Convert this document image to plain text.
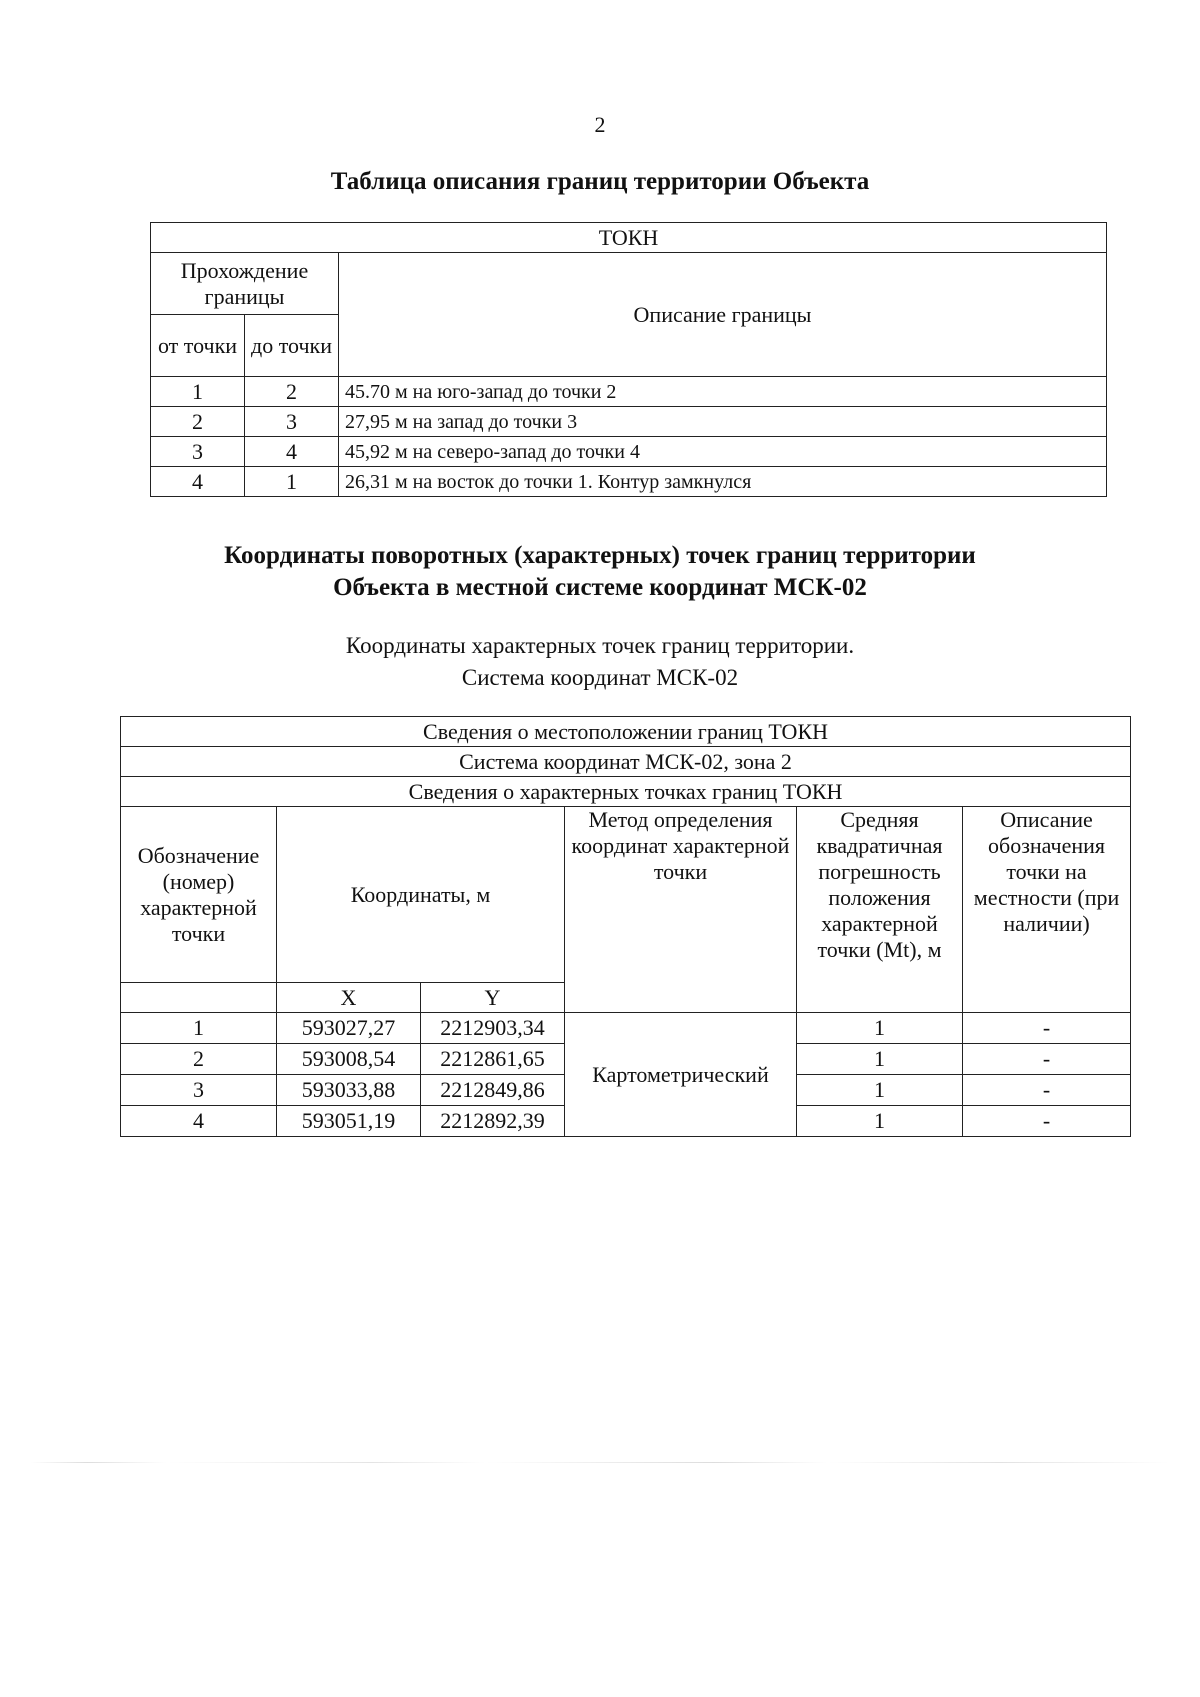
2
Таблица описания границ территории Объекта
ТОКН		
Прохождение границы		Описание границы
от точки	до точки	
1	2	45.70 м на юго-запад до точки 2
2	3	27,95 м на запад до точки 3
3	4	45,92 м на северо-запад до точки 4
4	1	26,31 м на восток до точки 1. Контур замкнулся
Координаты поворотных (характерных) точек границ территории
Объекта в местной системе координат МСК-02
Координаты характерных точек границ территории.
Система координат МСК-02
Сведения о местоположении границ ТОКН					
Система координат МСК-02, зона 2					
Сведения о характерных точках границ ТОКН					
Обозначение (номер) характерной точки	Координаты, м		Метод определения координат характерной точки	Средняя квадратичная погрешность положения характерной точки (Mt), м	Описание обозначения точки на местности (при наличии)
	X	Y			
1	593027,27	2212903,34	Картометрический	1	-
2	593008,54	2212861,65		1	-
3	593033,88	2212849,86		1	-
4	593051,19	2212892,39		1	-
